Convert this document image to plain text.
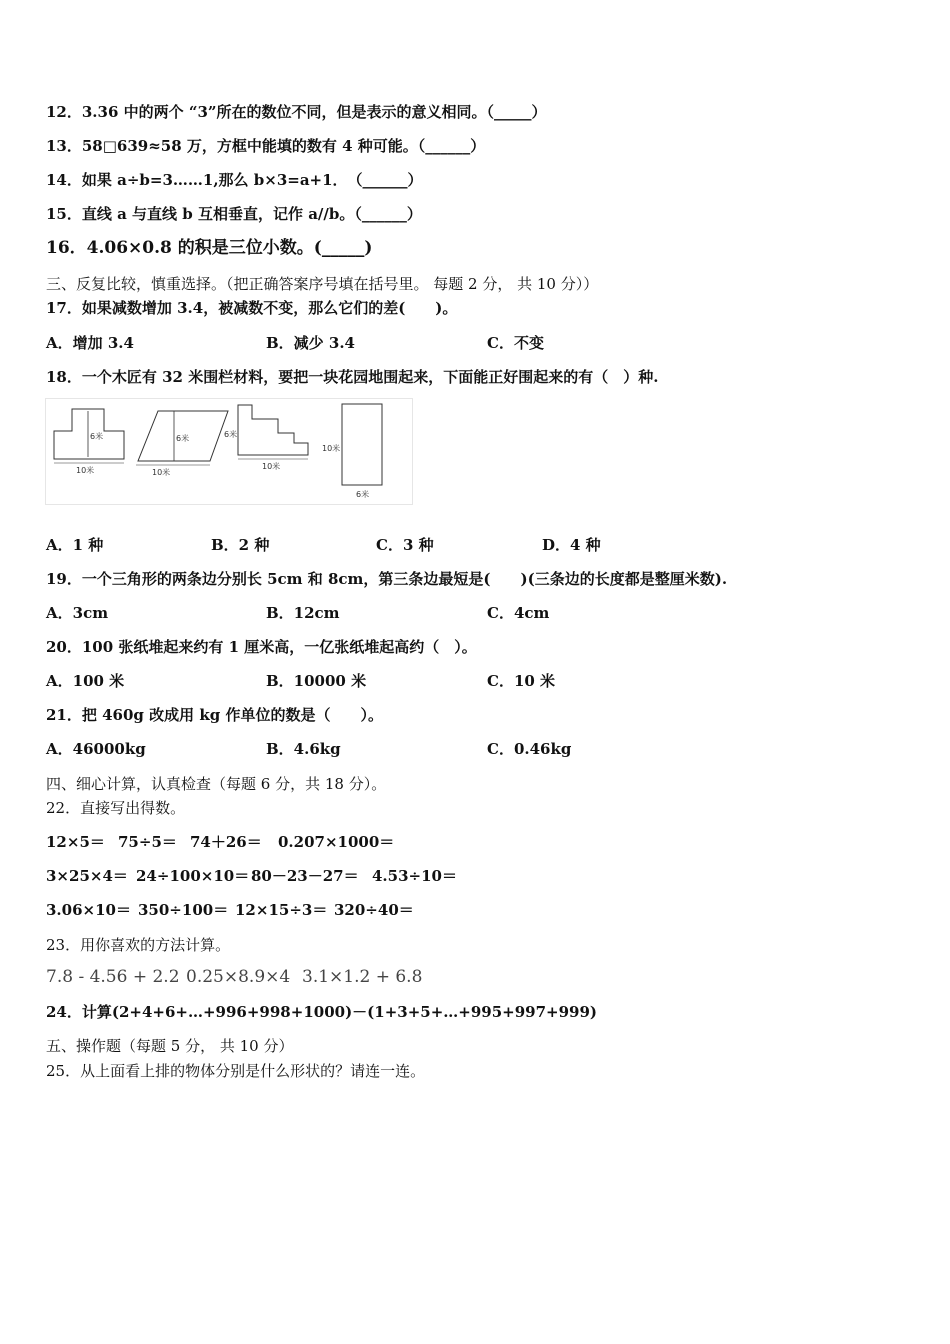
12．3.36 中的两个 “3”所在的数位不同，但是表示的意义相同。（_____）
13．58□639≈58 万，方框中能填的数有 4 种可能。（______）
14．如果 a÷b=3……1,那么 b×3=a+1．　（______）
15．直线 a 与直线 b 互相垂直，记作 a//b。（______）
16．4.06×0.8 的积是三位小数。(_____)
三、反复比较，慎重选择。（把正确答案序号填在括号里。 每题 2 分， 共 10 分））
17．如果减数增加 3.4，被减数不变，那么它们的差(　　)。
A．增加 3.4	B．减少 3.4	C．不变
18．一个木匠有 32 米围栏材料，要把一块花园地围起来，下面能正好围起来的有（　）种.
6米
10米
6米
10米
6米
10米
10米
6米
A．1 种	B．2 种	C．3 种	D．4 种
19．一个三角形的两条边分别长 5cm 和 8cm，第三条边最短是(　　)(三条边的长度都是整厘米数).
A．3cm	B．12cm	C．4cm
20．100 张纸堆起来约有 1 厘米高，一亿张纸堆起高约（　）。
A．100 米	B．10000 米	C．10 米
21．把 460g 改成用 kg 作单位的数是（　　）。
A．46000kg	B．4.6kg	C．0.46kg
四、细心计算，认真检查（每题 6 分，共 18 分）。
22．直接写出得数。
12×5＝ 75÷5＝ 74＋26＝ 0.207×1000＝
3×25×4＝ 24÷100×10＝ 80－23－27＝ 4.53÷10＝
3.06×10＝ 350÷100＝ 12×15÷3＝ 320÷40＝
23．用你喜欢的方法计算。
7.8 - 4.56 + 2.2 0.25×8.9×4 3.1×1.2 + 6.8
24．计算(2+4+6+…+996+998+1000)－(1+3+5+…+995+997+999)
五、操作题（每题 5 分， 共 10 分）
25．从上面看上排的物体分别是什么形状的？请连一连。
